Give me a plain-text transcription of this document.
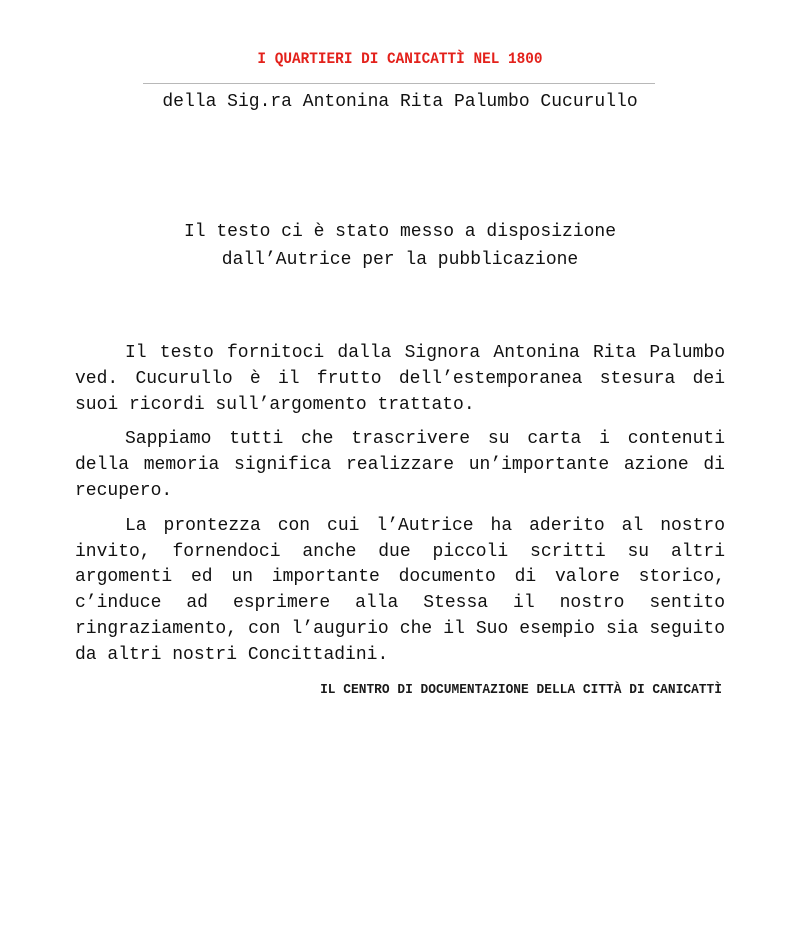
I QUARTIERI DI CANICATTÌ NEL 1800
della Sig.ra Antonina Rita Palumbo Cucurullo
Il testo ci è stato messo a disposizione
dall’Autrice per la pubblicazione

Il testo fornitoci dalla Signora Antonina Rita Palumbo ved. Cucurullo è il frutto dell’estemporanea stesura dei suoi ricordi sull’argomento trattato.

Sappiamo tutti che trascrivere su carta i contenuti della memoria significa realizzare un’importante azione di recupero.

La prontezza con cui l’Autrice ha aderito al nostro invito, fornendoci anche due piccoli scritti su altri argomenti ed un importante documento di valore storico, c’induce ad esprimere alla Stessa il nostro sentito ringraziamento, con l’augurio che il Suo esempio sia seguito da altri nostri Concittadini.

IL CENTRO DI DOCUMENTAZIONE DELLA CITTÀ DI CANICATTÌ
